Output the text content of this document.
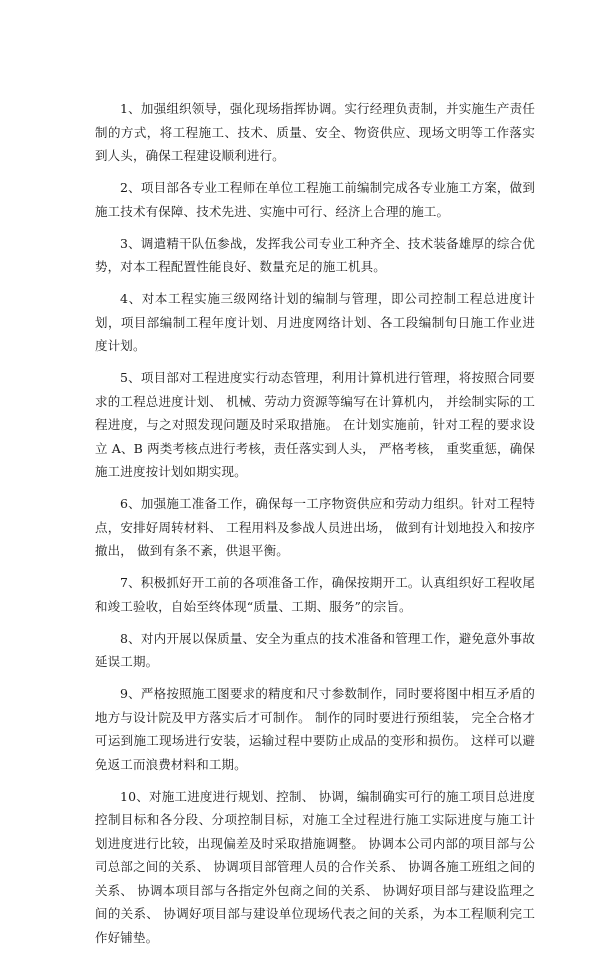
1、加强组织领导，强化现场指挥协调。实行经理负责制，并实施生产责任制的方式，将工程施工、技术、质量、安全、物资供应、现场文明等工作落实到人头，确保工程建设顺利进行。

2、项目部各专业工程师在单位工程施工前编制完成各专业施工方案，做到施工技术有保障、技术先进、实施中可行、经济上合理的施工。

3、调遣精干队伍参战，发挥我公司专业工种齐全、技术装备雄厚的综合优势，对本工程配置性能良好、数量充足的施工机具。

4、对本工程实施三级网络计划的编制与管理，即公司控制工程总进度计划，项目部编制工程年度计划、月进度网络计划、各工段编制旬日施工作业进度计划。

5、项目部对工程进度实行动态管理，利用计算机进行管理，将按照合同要求的工程总进度计划、 机械、劳动力资源等编写在计算机内， 并绘制实际的工程进度，与之对照发现问题及时采取措施。 在计划实施前，针对工程的要求设立 A、B 两类考核点进行考核，责任落实到人头， 严格考核， 重奖重惩，确保施工进度按计划如期实现。

6、加强施工准备工作，确保每一工序物资供应和劳动力组织。针对工程特点，安排好周转材料、 工程用料及参战人员进出场， 做到有计划地投入和按序撤出， 做到有条不紊，供退平衡。

7、积极抓好开工前的各项准备工作，确保按期开工。认真组织好工程收尾和竣工验收，自始至终体现“质量、工期、服务”的宗旨。

8、对内开展以保质量、安全为重点的技术准备和管理工作，避免意外事故延误工期。

9、严格按照施工图要求的精度和尺寸参数制作，同时要将图中相互矛盾的地方与设计院及甲方落实后才可制作。 制作的同时要进行预组装， 完全合格才可运到施工现场进行安装，运输过程中要防止成品的变形和损伤。 这样可以避免返工而浪费材料和工期。

10、对施工进度进行规划、控制、 协调，编制确实可行的施工项目总进度控制目标和各分段、分项控制目标，对施工全过程进行施工实际进度与施工计划进度进行比较，出现偏差及时采取措施调整。 协调本公司内部的项目部与公司总部之间的关系、 协调项目部管理人员的合作关系、 协调各施工班组之间的关系、 协调本项目部与各指定外包商之间的关系、 协调好项目部与建设监理之间的关系、 协调好项目部与建设单位现场代表之间的关系，为本工程顺利完工作好铺垫。
